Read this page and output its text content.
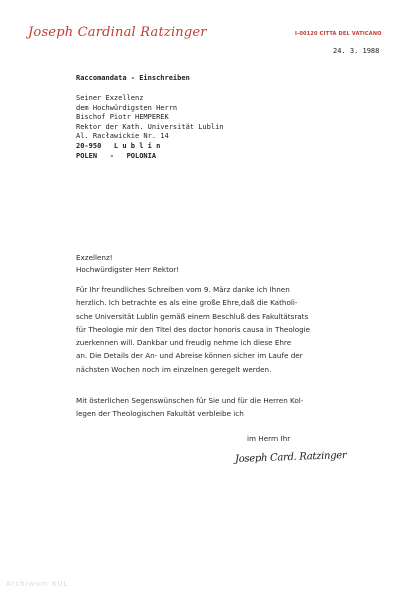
Joseph Cardinal Ratzinger	I-00120 CITTÀ DEL VATICANO
24. 3. 1988
Raccomandata - Einschreiben
Seiner Exzellenz
dem Hochwürdigsten Herrn
Bischof Piotr HEMPEREK
Rektor der Kath. Universität Lublin
Al. Racławickie Nr. 14
20-950   L u b l i n
POLEN   -   POLONIA
Exzellenz!
Hochwürdigster Herr Rektor!
Für Ihr freundliches Schreiben vom 9. März danke ich Ihnen
herzlich. Ich betrachte es als eine große Ehre,daß die Katholi-
sche Universität Lublin gemäß einem Beschluß des Fakultätsrats
für Theologie mir den Titel des doctor honoris causa in Theologie
zuerkennen will. Dankbar und freudig nehme ich diese Ehre
an. Die Details der An- und Abreise können sicher im Laufe der
nächsten Wochen noch im einzelnen geregelt werden.
Mit österlichen Segenswünschen für Sie und für die Herren Kol-
legen der Theologischen Fakultät verbleibe ich
im Herrn Ihr
Joseph Card. Ratzinger
Archiwum KUL
